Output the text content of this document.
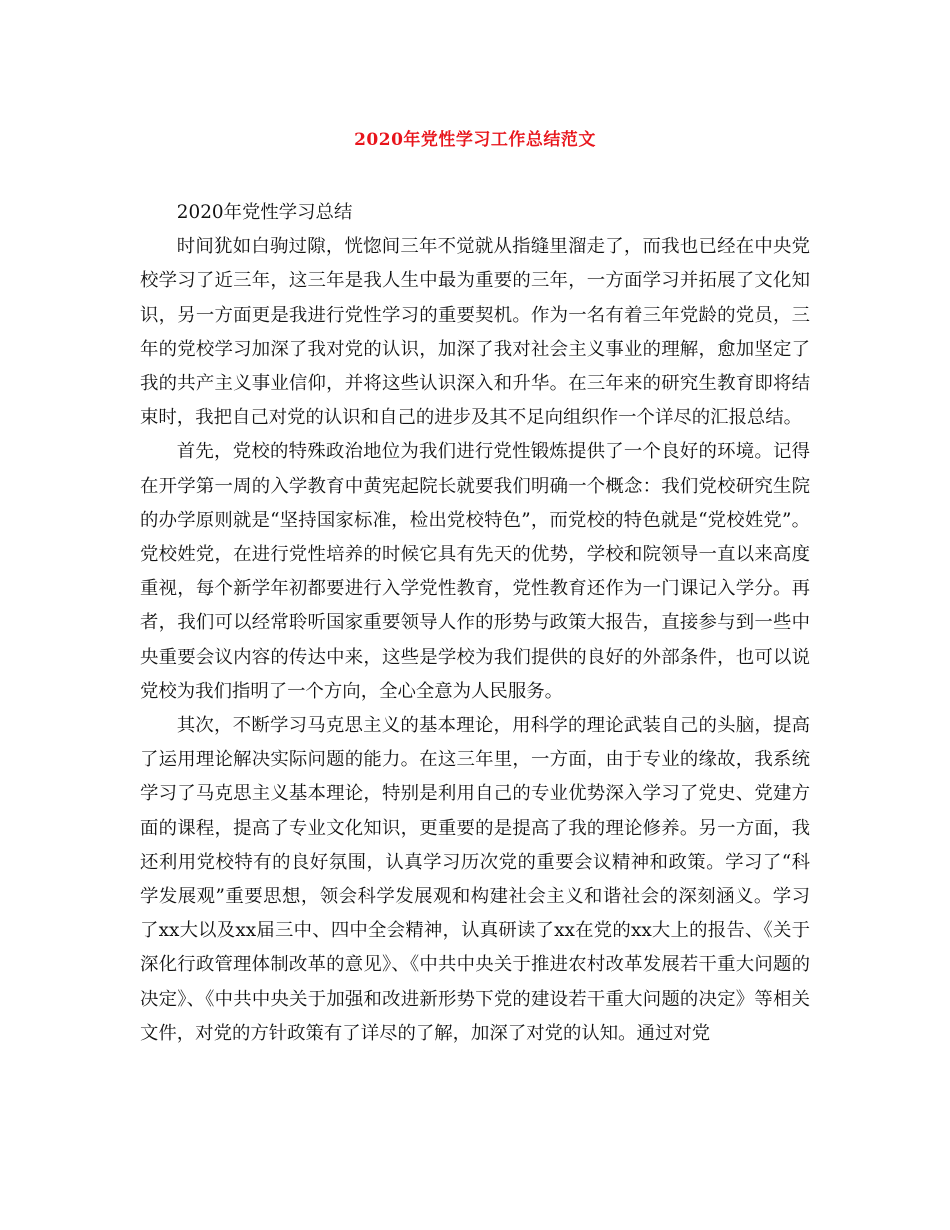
2020年党性学习工作总结范文

2020年党性学习总结

时间犹如白驹过隙，恍惚间三年不觉就从指缝里溜走了，而我也已经在中央党校学习了近三年，这三年是我人生中最为重要的三年，一方面学习并拓展了文化知识，另一方面更是我进行党性学习的重要契机。作为一名有着三年党龄的党员，三年的党校学习加深了我对党的认识，加深了我对社会主义事业的理解，愈加坚定了我的共产主义事业信仰，并将这些认识深入和升华。在三年来的研究生教育即将结束时，我把自己对党的认识和自己的进步及其不足向组织作一个详尽的汇报总结。

首先，党校的特殊政治地位为我们进行党性锻炼提供了一个良好的环境。记得在开学第一周的入学教育中黄宪起院长就要我们明确一个概念：我们党校研究生院的办学原则就是“坚持国家标准，检出党校特色”，而党校的特色就是“党校姓党”。党校姓党，在进行党性培养的时候它具有先天的优势，学校和院领导一直以来高度重视，每个新学年初都要进行入学党性教育，党性教育还作为一门课记入学分。再者，我们可以经常聆听国家重要领导人作的形势与政策大报告，直接参与到一些中央重要会议内容的传达中来，这些是学校为我们提供的良好的外部条件，也可以说党校为我们指明了一个方向，全心全意为人民服务。

其次，不断学习马克思主义的基本理论，用科学的理论武装自己的头脑，提高了运用理论解决实际问题的能力。在这三年里，一方面，由于专业的缘故，我系统学习了马克思主义基本理论，特别是利用自己的专业优势深入学习了党史、党建方面的课程，提高了专业文化知识，更重要的是提高了我的理论修养。另一方面，我还利用党校特有的良好氛围，认真学习历次党的重要会议精神和政策。学习了“科学发展观”重要思想，领会科学发展观和构建社会主义和谐社会的深刻涵义。学习了xx大以及xx届三中、四中全会精神，认真研读了xx在党的xx大上的报告、《关于深化行政管理体制改革的意见》、《中共中央关于推进农村改革发展若干重大问题的决定》、《中共中央关于加强和改进新形势下党的建设若干重大问题的决定》等相关文件，对党的方针政策有了详尽的了解，加深了对党的认知。通过对党
